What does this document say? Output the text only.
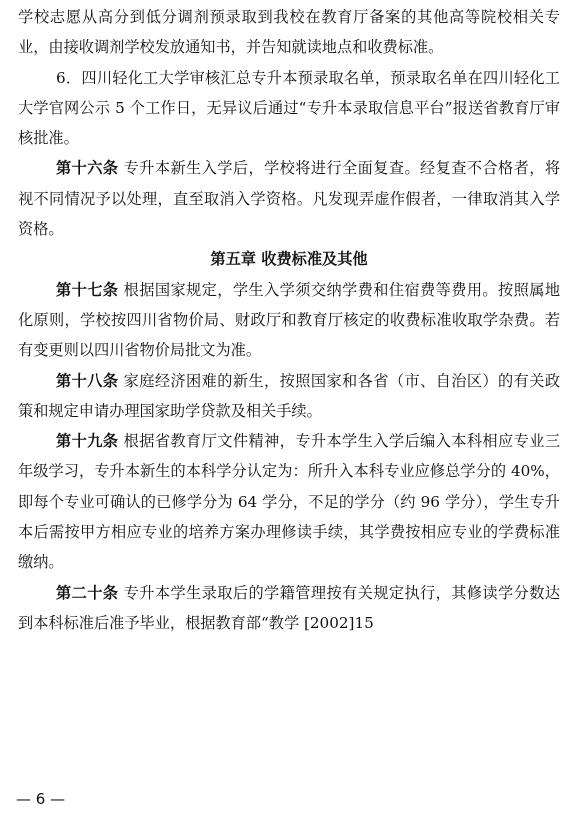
学校志愿从高分到低分调剂预录取到我校在教育厅备案的其他高等院校相关专业，由接收调剂学校发放通知书，并告知就读地点和收费标准。

6．四川轻化工大学审核汇总专升本预录取名单，预录取名单在四川轻化工大学官网公示 5 个工作日，无异议后通过“专升本录取信息平台”报送省教育厅审核批准。

第十六条 专升本新生入学后，学校将进行全面复查。经复查不合格者，将视不同情况予以处理，直至取消入学资格。凡发现弄虚作假者，一律取消其入学资格。

第五章 收费标准及其他

第十七条 根据国家规定，学生入学须交纳学费和住宿费等费用。按照属地化原则，学校按四川省物价局、财政厅和教育厅核定的收费标准收取学杂费。若有变更则以四川省物价局批文为准。

第十八条 家庭经济困难的新生，按照国家和各省（市、自治区）的有关政策和规定申请办理国家助学贷款及相关手续。

第十九条 根据省教育厅文件精神，专升本学生入学后编入本科相应专业三年级学习，专升本新生的本科学分认定为：所升入本科专业应修总学分的 40%，即每个专业可确认的已修学分为 64 学分，不足的学分（约 96 学分），学生专升本后需按甲方相应专业的培养方案办理修读手续，其学费按相应专业的学费标准缴纳。

第二十条 专升本学生录取后的学籍管理按有关规定执行，其修读学分数达到本科标准后准予毕业，根据教育部“教学 [2002]15

— 6 —
